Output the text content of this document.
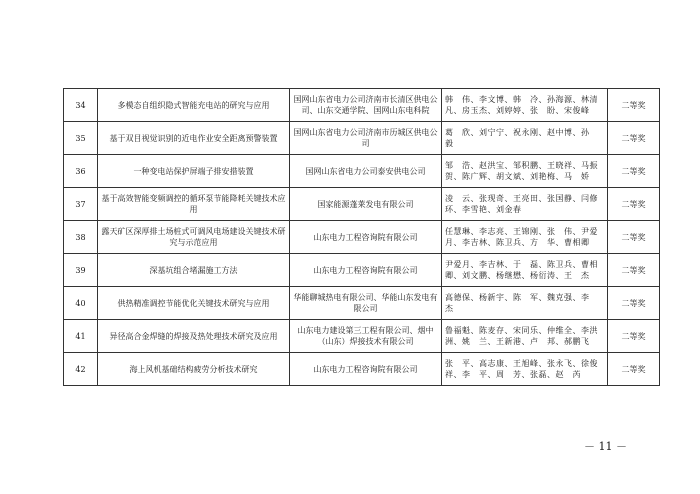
34	多模态自组织隐式智能充电站的研究与应用	国网山东省电力公司济南市长清区供电公司、山东交通学院、国网山东电科院	韩　伟、李文博、韩　冷、孙海源、林清凡、房玉杰、刘婷婷、张　盼、宋俊峰	二等奖
35	基于双目视觉识别的近电作业安全距离预警装置	国网山东省电力公司济南市历城区供电公司	葛　欣、刘宁宁、祝永刚、赵中博、孙　毅	二等奖
36	一种变电站保护屏端子排安措装置	国网山东省电力公司泰安供电公司	邹　浩、赵洪宝、邹积鹏、王晓祥、马振贺、陈广辉、胡文斌、刘艳梅、马　娇	二等奖
37	基于高效智能变频调控的循环泵节能降耗关键技术应用	国家能源蓬莱发电有限公司	凌　云、张现奇、王亮田、张国静、闫修环、李雪艳、刘金春	二等奖
38	露天矿区深厚排土场桩式可调风电场建设关键技术研究与示范应用	山东电力工程咨询院有限公司	任慧琳、李志亮、王锦刚、张　伟、尹爱月、李吉林、陈卫兵、方　华、曹相卿	二等奖
39	深基坑组合堵漏施工方法	山东电力工程咨询院有限公司	尹爱月、李吉林、于　磊、陈卫兵、曹相卿、刘文鹏、杨继懋、杨衍涛、王　杰	二等奖
40	供热精准调控节能优化关键技术研究与应用	华能聊城热电有限公司、华能山东发电有限公司	高德保、杨新宇、陈　军、魏克强、李　杰	二等奖
41	异径高合金焊缝的焊接及热处理技术研究及应用	山东电力建设第三工程有限公司、烟中（山东）焊接技术有限公司	鲁福魁、陈麦存、宋同乐、仲维全、李洪洲、姚　兰、王新港、卢　邦、郝鹏飞	二等奖
42	海上风机基础结构疲劳分析技术研究	山东电力工程咨询院有限公司	张　平、高志康、王旭峰、张永飞、徐俊祥、李　平、周　芳、张磊、赵　芮	二等奖
－ 11 －
